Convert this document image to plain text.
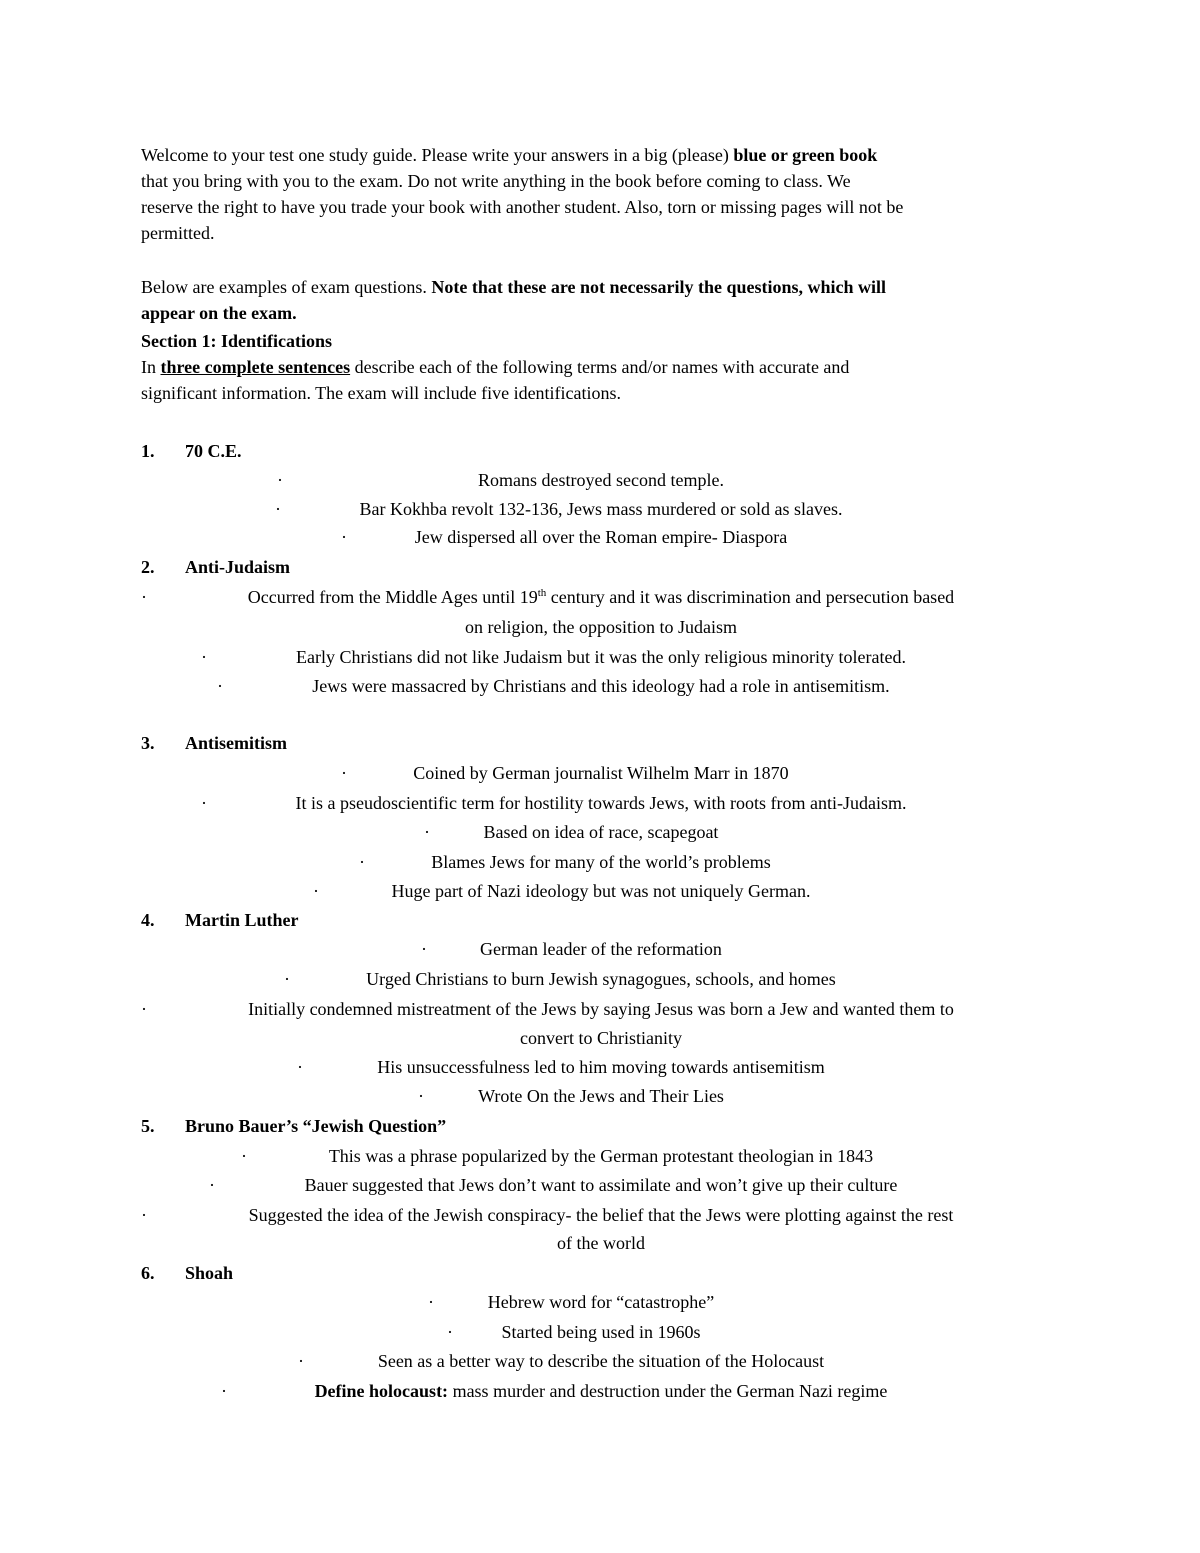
Welcome to your test one study guide. Please write your answers in a big (please) blue or green book
that you bring with you to the exam. Do not write anything in the book before coming to class. We
reserve the right to have you trade your book with another student. Also, torn or missing pages will not be
permitted.
Below are examples of exam questions. Note that these are not necessarily the questions, which will
appear on the exam.
Section 1: Identifications
In three complete sentences describe each of the following terms and/or names with accurate and
significant information. The exam will include five identifications.
1. 70 C.E.
·	Romans destroyed second temple.
·	Bar Kokhba revolt 132-136, Jews mass murdered or sold as slaves.
·	Jew dispersed all over the Roman empire- Diaspora
2. Anti-Judaism
·	Occurred from the Middle Ages until 19th century and it was discrimination and persecution based
on religion, the opposition to Judaism
·	Early Christians did not like Judaism but it was the only religious minority tolerated.
·	Jews were massacred by Christians and this ideology had a role in antisemitism.
3. Antisemitism
·	Coined by German journalist Wilhelm Marr in 1870
·	It is a pseudoscientific term for hostility towards Jews, with roots from anti-Judaism.
·	Based on idea of race, scapegoat
·	Blames Jews for many of the world’s problems
·	Huge part of Nazi ideology but was not uniquely German.
4. Martin Luther
·	German leader of the reformation
·	Urged Christians to burn Jewish synagogues, schools, and homes
·	Initially condemned mistreatment of the Jews by saying Jesus was born a Jew and wanted them to
convert to Christianity
·	His unsuccessfulness led to him moving towards antisemitism
·	Wrote On the Jews and Their Lies
5. Bruno Bauer’s “Jewish Question”
·	This was a phrase popularized by the German protestant theologian in 1843
·	Bauer suggested that Jews don’t want to assimilate and won’t give up their culture
·	Suggested the idea of the Jewish conspiracy- the belief that the Jews were plotting against the rest
of the world
6. Shoah
·	Hebrew word for “catastrophe”
·	Started being used in 1960s
·	Seen as a better way to describe the situation of the Holocaust
·	Define holocaust: mass murder and destruction under the German Nazi regime
